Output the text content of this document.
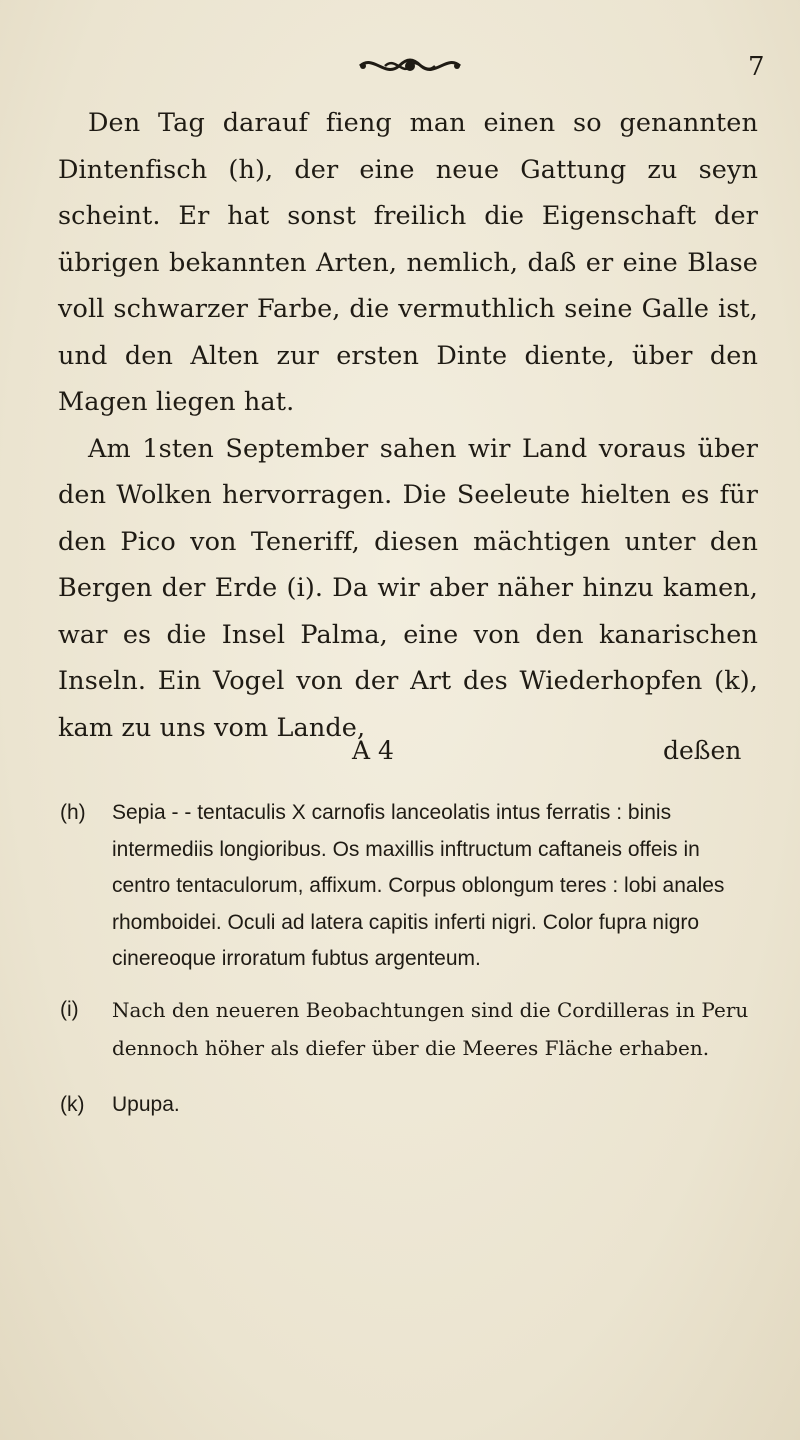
7

Den Tag darauf fieng man einen so genannten Dintenfisch (h), der eine neue Gattung zu seyn scheint. Er hat sonst freilich die Eigenschaft der übrigen bekannten Arten, nemlich, daß er eine Blase voll schwarzer Farbe, die vermuthlich seine Galle ist, und den Alten zur ersten Dinte diente, über den Magen liegen hat.

Am 1sten September sahen wir Land voraus über den Wolken hervorragen. Die Seeleute hielten es für den Pico von Teneriff, diesen mächtigen unter den Bergen der Erde (i). Da wir aber näher hinzu kamen, war es die Insel Palma, eine von den kanarischen Inseln. Ein Vogel von der Art des Wiederhopfen (k), kam zu uns vom Lande,

A 4	deßen
(h) Sepia - - tentaculis X carnofis lanceolatis intus ferratis : binis intermediis longioribus. Os maxillis inftructum caftaneis offeis in centro tentaculorum, affixum. Corpus oblongum teres : lobi anales rhomboidei. Oculi ad latera capitis inferti nigri. Color fupra nigro cinereoque irroratum fubtus argenteum.
(i) Nach den neueren Beobachtungen sind die Cordilleras in Peru dennoch höher als diefer über die Meeres Fläche erhaben.
(k) Upupa.
